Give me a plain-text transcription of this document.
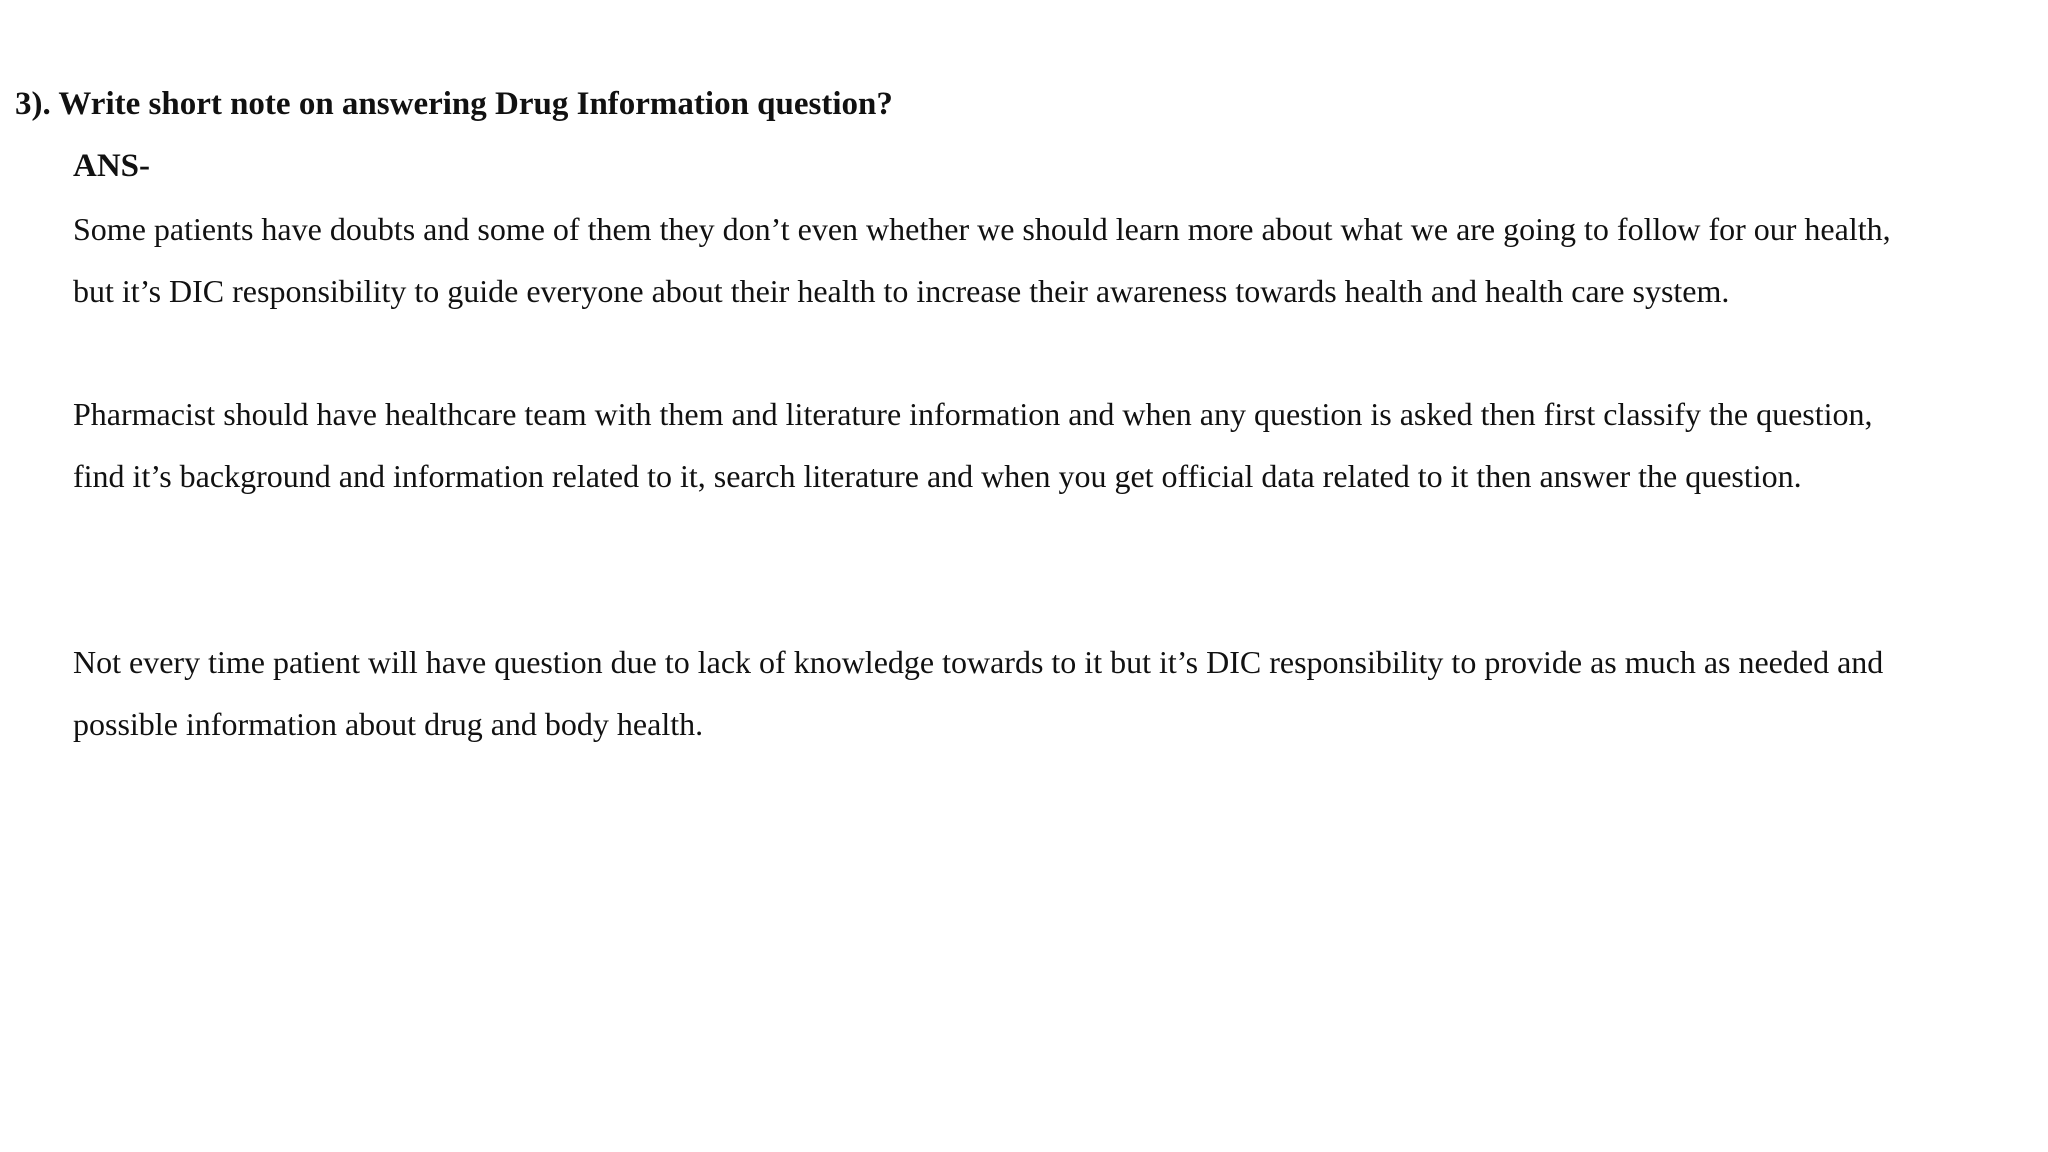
3). Write short note on answering Drug Information question?
ANS-

Some patients have doubts and some of them they don’t even whether we should learn more about what we are going to follow for our health,
but it’s DIC responsibility to guide everyone about their health to increase their awareness towards health and health care system.

Pharmacist should have healthcare team with them and literature information and when any question is asked then first classify the question,
find it’s background and information related to it, search literature and when you get official data related to it then answer the question.

Not every time patient will have question due to lack of knowledge towards to it but it’s DIC responsibility to provide as much as needed and
possible information about drug and body health.
